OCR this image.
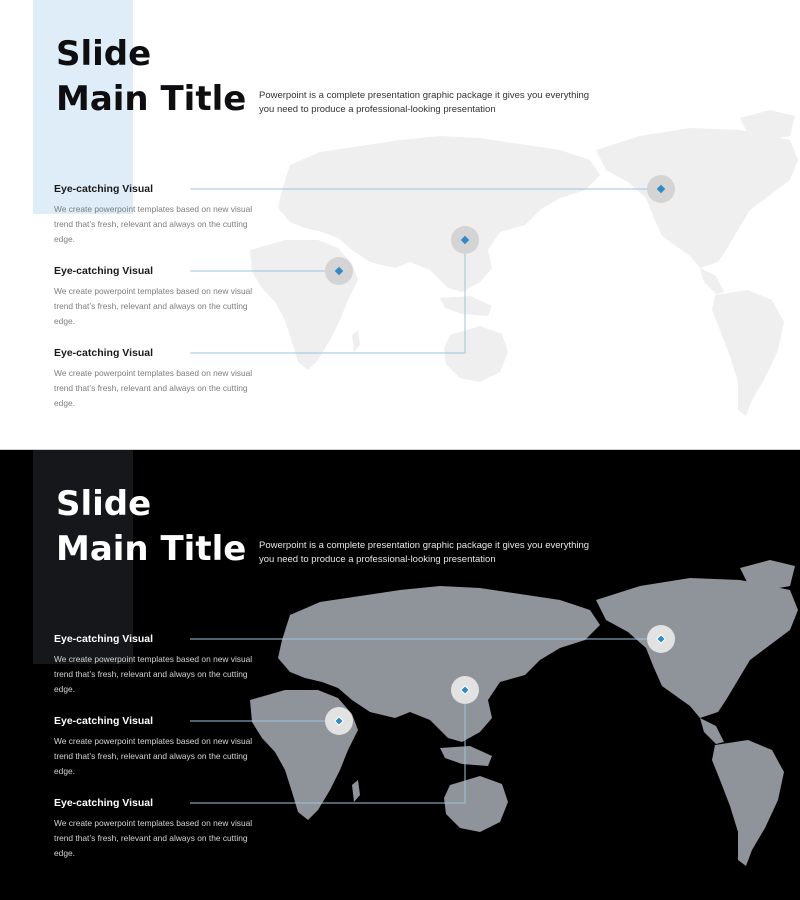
Slide
Main Title Powerpoint is a complete presentation graphic package it gives you everything you need to produce a professional-looking presentation

Eye-catching Visual

We create powerpoint templates based on new visual trend that’s fresh, relevant and always on the cutting edge.

Eye-catching Visual

We create powerpoint templates based on new visual trend that’s fresh, relevant and always on the cutting edge.

Eye-catching Visual

We create powerpoint templates based on new visual trend that’s fresh, relevant and always on the cutting edge.

Slide
Main Title Powerpoint is a complete presentation graphic package it gives you everything you need to produce a professional-looking presentation

Eye-catching Visual

We create powerpoint templates based on new visual trend that’s fresh, relevant and always on the cutting edge.

Eye-catching Visual

We create powerpoint templates based on new visual trend that’s fresh, relevant and always on the cutting edge.

Eye-catching Visual

We create powerpoint templates based on new visual trend that’s fresh, relevant and always on the cutting edge.
